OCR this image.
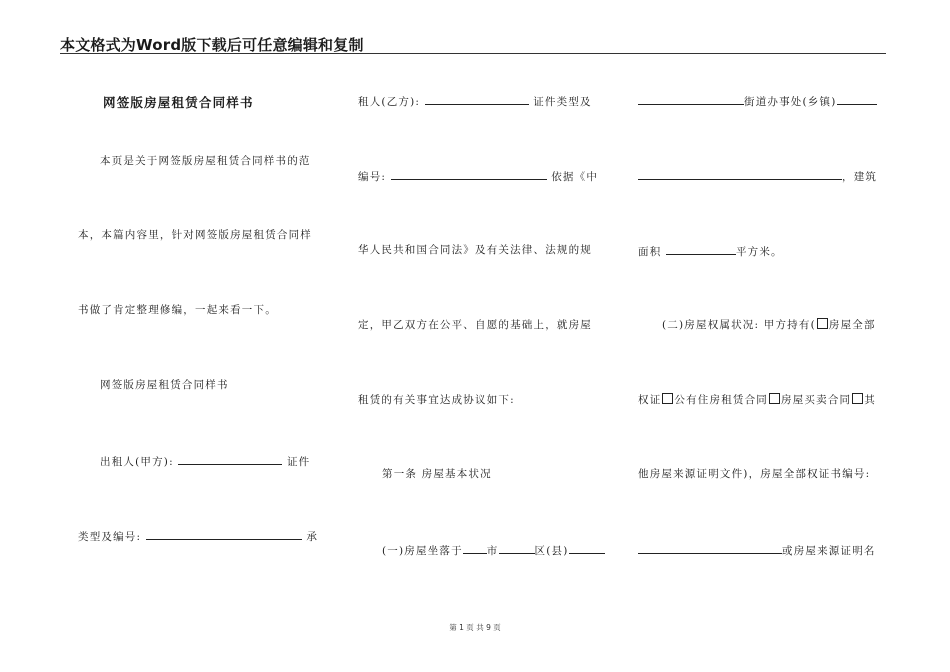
本文格式为Word版下载后可任意编辑和复制
网签版房屋租赁合同样书
本页是关于网签版房屋租赁合同样书的范
本，本篇内容里，针对网签版房屋租赁合同样
书做了肯定整理修编，一起来看一下。
网签版房屋租赁合同样书
出租人(甲方):	证件
类型及编号:	承
租人(乙方):	证件类型及
编号:	依据《中
华人民共和国合同法》及有关法律、法规的规
定，甲乙双方在公平、自愿的基础上，就房屋
租赁的有关事宜达成协议如下:
第一条 房屋基本状况
(一)房屋坐落于 市	区(县)
街道办事处(乡镇)
，建筑
面积	平方米。
(二)房屋权属状况: 甲方持有( 房屋全部
权证 公有住房租赁合同 房屋买卖合同 其
他房屋来源证明文件)，房屋全部权证书编号:
或房屋来源证明名
第 1 页 共 9 页
